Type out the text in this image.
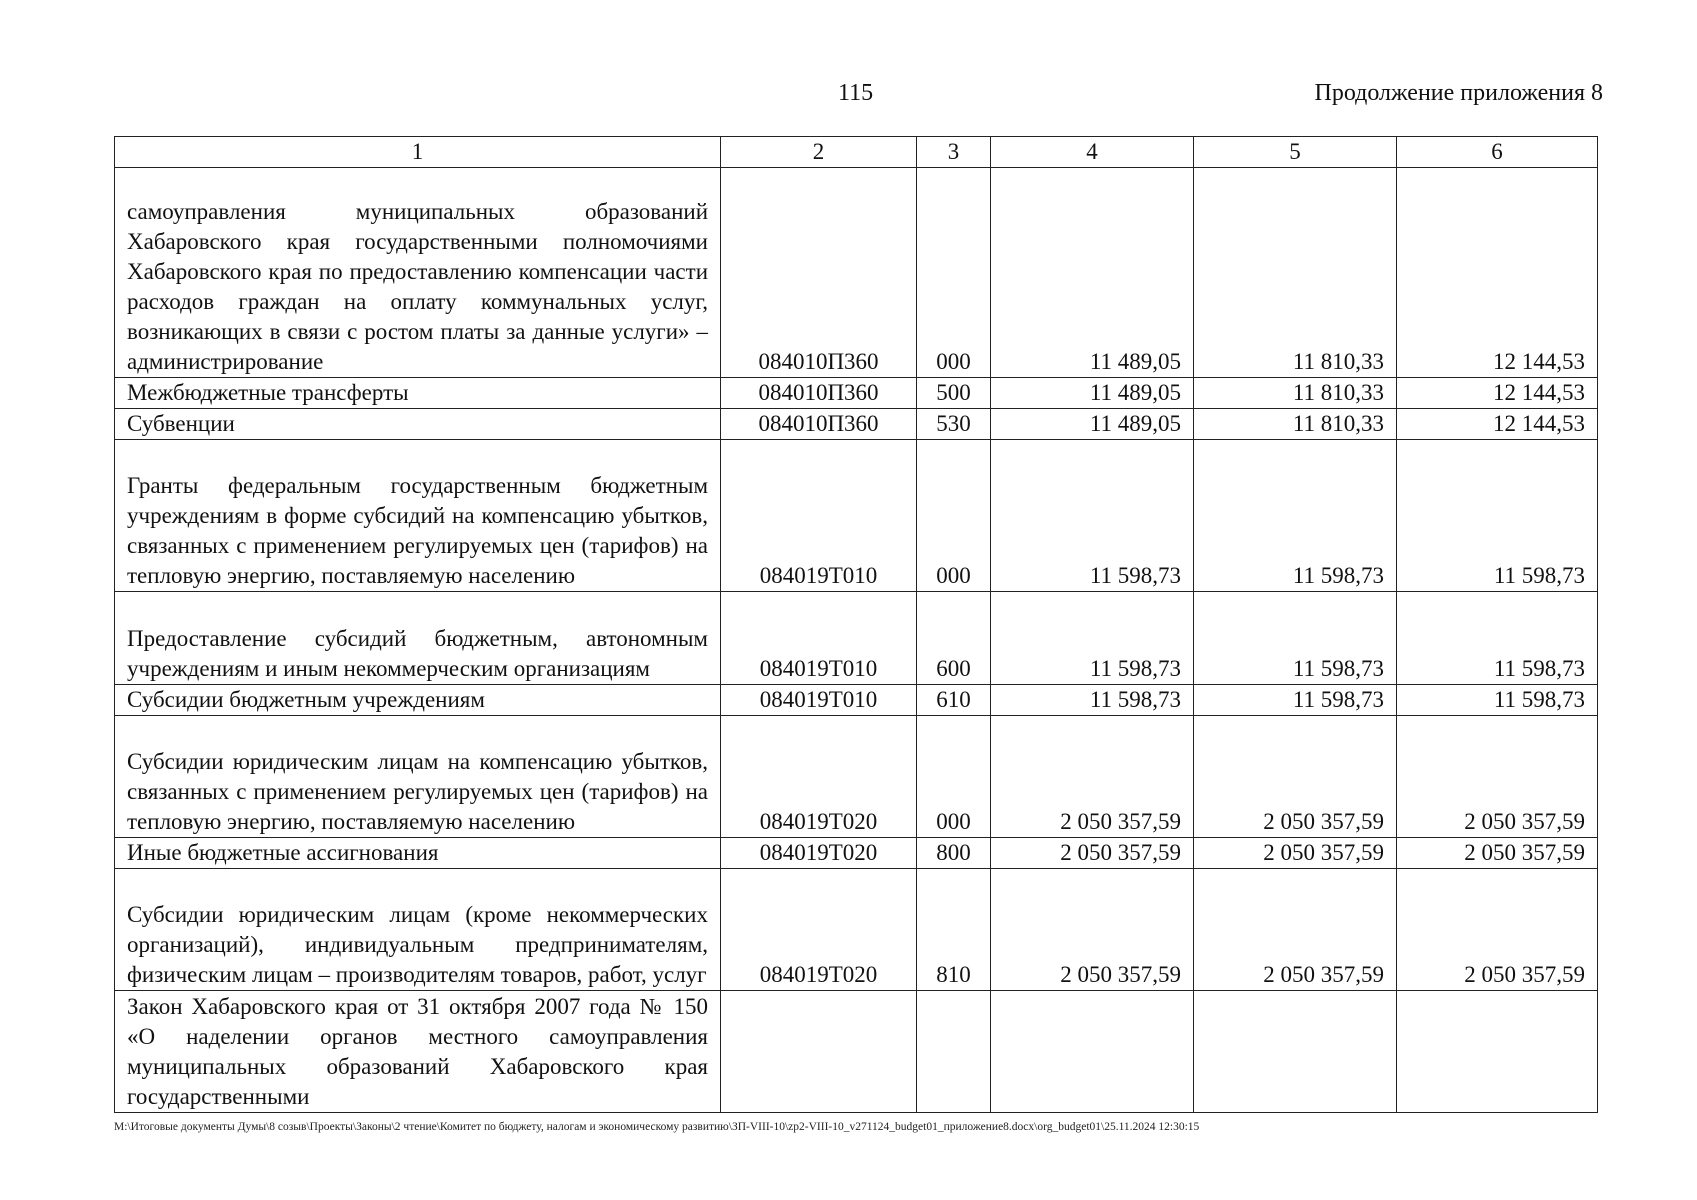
115	Продолжение приложения 8
1	2	3	4	5	6
самоуправления муниципальных образований Хабаровского края государственными полномочиями Хабаровского края по предоставлению компенсации части расходов граждан на оплату коммунальных услуг, возникающих в связи с ростом платы за данные услуги» – администрирование	084010П360	000	11 489,05	11 810,33	12 144,53
Межбюджетные трансферты	084010П360	500	11 489,05	11 810,33	12 144,53
Субвенции	084010П360	530	11 489,05	11 810,33	12 144,53
Гранты федеральным государственным бюджетным учреждениям в форме субсидий на компенсацию убытков, связанных с применением регулируемых цен (тарифов) на тепловую энергию, поставляемую населению	084019Т010	000	11 598,73	11 598,73	11 598,73
Предоставление субсидий бюджетным, автономным учреждениям и иным некоммерческим организациям	084019Т010	600	11 598,73	11 598,73	11 598,73
Субсидии бюджетным учреждениям	084019Т010	610	11 598,73	11 598,73	11 598,73
Субсидии юридическим лицам на компенсацию убытков, связанных с применением регулируемых цен (тарифов) на тепловую энергию, поставляемую населению	084019Т020	000	2 050 357,59	2 050 357,59	2 050 357,59
Иные бюджетные ассигнования	084019Т020	800	2 050 357,59	2 050 357,59	2 050 357,59
Субсидии юридическим лицам (кроме некоммерческих организаций), индивидуальным предпринимателям, физическим лицам – производителям товаров, работ, услуг	084019Т020	810	2 050 357,59	2 050 357,59	2 050 357,59
Закон Хабаровского края от 31 октября 2007 года № 150 «О наделении органов местного самоуправления муниципальных образований Хабаровского края государственными					
M:\Итоговые документы Думы\8 созыв\Проекты\Законы\2 чтение\Комитет по бюджету, налогам и экономическому развитию\ЗП-VIII-10\zp2-VIII-10_v271124_budget01_приложение8.docx\org_budget01\25.11.2024 12:30:15
